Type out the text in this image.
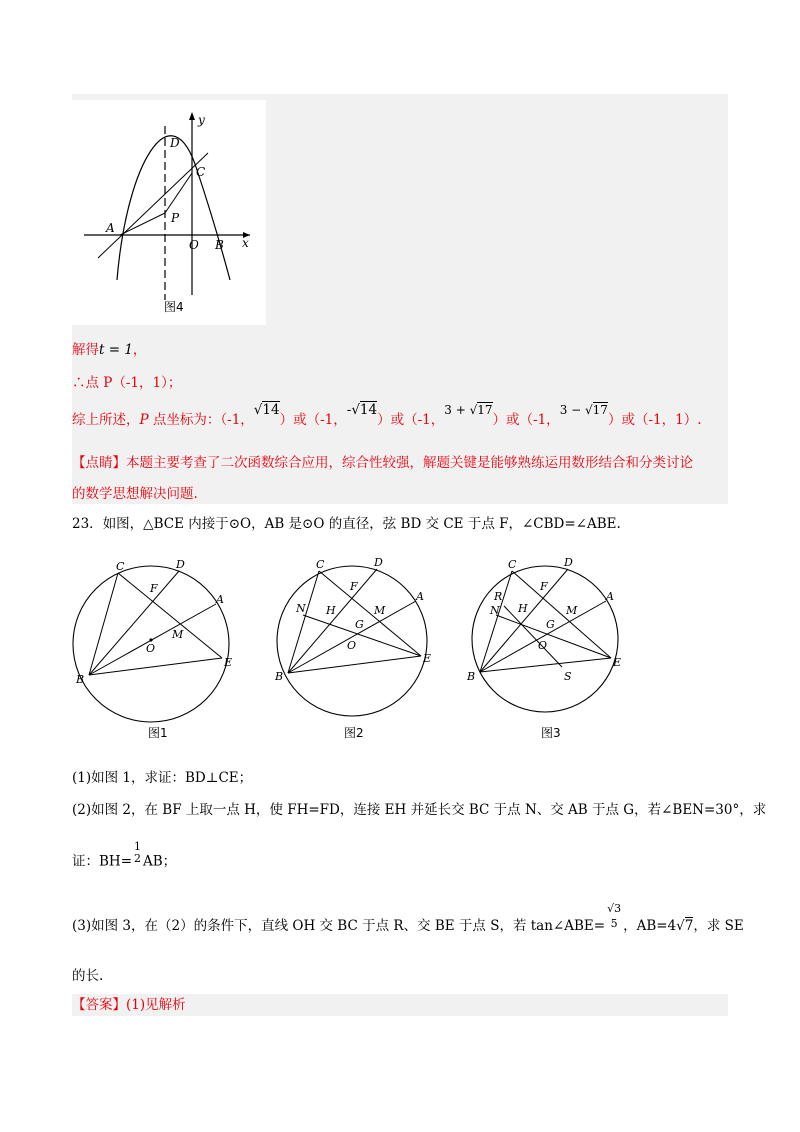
y
x
D
C
A
P
O B
图4
解得t = 1，
∴点 P（-1，1）；
综上所述，P 点坐标为：（-1，√14）或（-1，-√14）或（-1，3 + √17）或（-1，3 − √17）或（-1，1）.
【点睛】本题主要考查了二次函数综合应用，综合性较强，解题关键是能够熟练运用数形结合和分类讨论
的数学思想解决问题.
23．如图，△BCE 内接于⊙O，AB 是⊙O 的直径，弦 BD 交 CE 于点 F，∠CBD=∠ABE.
C	D
F
A
M
O
E
B
C	D
F
A
N H	M
G
O
E
B
C	D
F
A
R
N H	M
G
O
S
E
B
图1	图2	图3
(1)如图 1，求证：BD⊥CE；
(2)如图 2，在 BF 上取一点 H，使 FH=FD，连接 EH 并延长交 BC 于点 N、交 AB 于点 G，若∠BEN=30°，求
证：BH=
1
2 AB；
(3)如图 3，在（2）的条件下，直线 OH 交 BC 于点 R、交 BE 于点 S，若 tan∠ABE=
√3
5 ，AB=4√7，求 SE
的长.
【答案】(1)见解析
